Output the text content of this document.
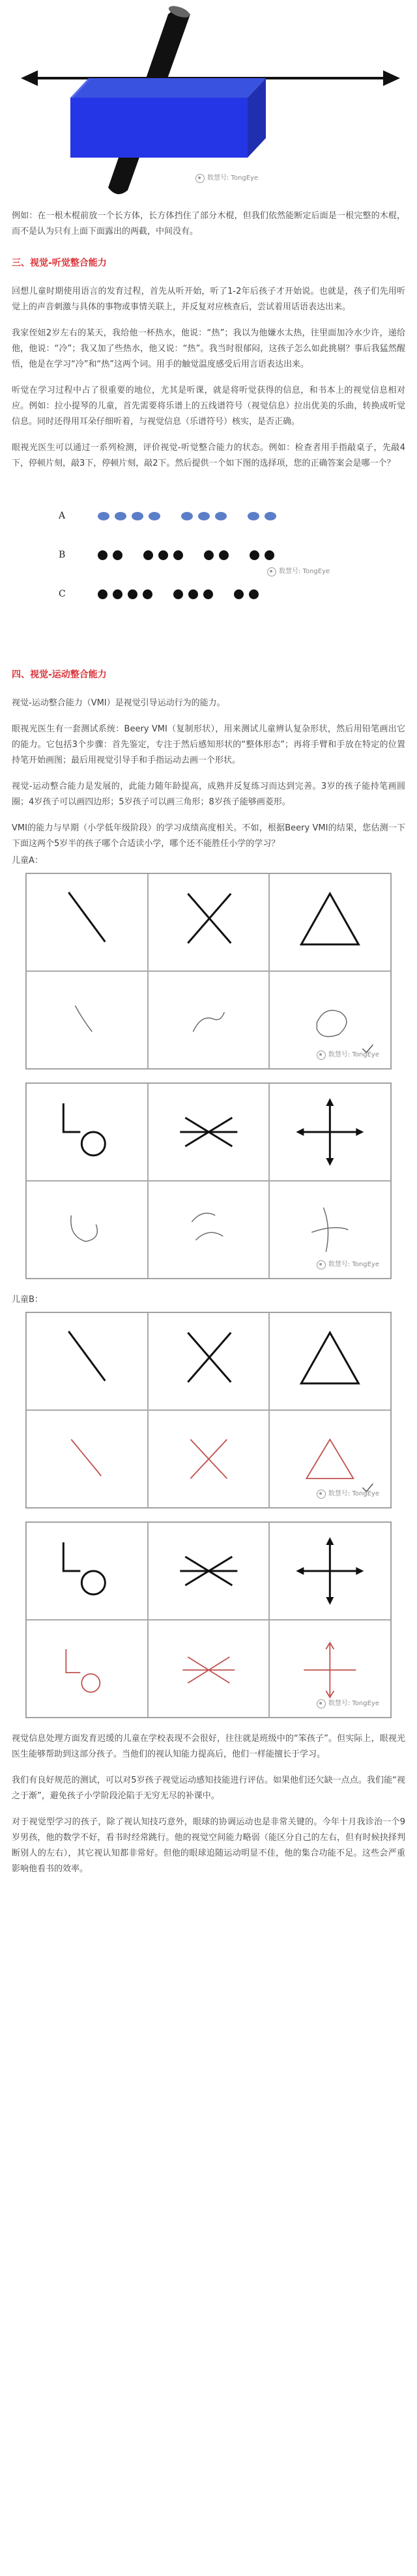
数慧号: TongEye

例如：在一根木棍前放一个长方体，长方体挡住了部分木棍，但我们依然能断定后面是一根完整的木棍，而不是认为只有上面下面露出的两截，中间没有。

三、视觉-听觉整合能力

回想儿童时期使用语言的发育过程，首先从听开始，听了1-2年后孩子才开始说。也就是，孩子们先用听觉上的声音刺激与具体的事物或事情关联上，并反复对应核查后，尝试着用话语表达出来。

我家侄妞2岁左右的某天，我给他一杯热水，他说：“热”；我以为他嫌水太热，往里面加冷水少许，递给他，他说：“冷”；我又加了些热水，他又说：“热”。我当时很郁闷，这孩子怎么如此挑剔？事后我猛然醒悟，他是在学习“冷”和“热”这两个词。用手的触觉温度感受后用言语表达出来。

听觉在学习过程中占了很重要的地位，尤其是听课，就是将听觉获得的信息，和书本上的视觉信息相对应。例如：拉小提琴的儿童，首先需要将乐谱上的五线谱符号（视觉信息）拉出优美的乐曲，转换成听觉信息。同时还得用耳朵仔细听着，与视觉信息（乐谱符号）核实，是否正确。

眼视光医生可以通过一系列检测，评价视觉-听觉整合能力的状态。例如：检查者用手指敲桌子，先敲4下，停顿片刻，敲3下，停顿片刻，敲2下。然后提供一个如下图的选择项，您的正确答案会是哪一个？

A
B
C
数慧号: TongEye
四、视觉-运动整合能力

视觉-运动整合能力（VMI）是视觉引导运动行为的能力。

眼视光医生有一套测试系统：Beery VMI（复制形状），用来测试儿童辨认复杂形状，然后用铅笔画出它的能力。它包括3个步骤：首先鉴定，专注于然后感知形状的“整体形态”；再将手臂和手放在特定的位置持笔开始画图；最后用视觉引导手和手指运动去画一个形状。

视觉-运动整合能力是发展的，此能力随年龄提高，成熟并反复练习而达到完善。3岁的孩子能持笔画圆圈；4岁孩子可以画四边形；5岁孩子可以画三角形；8岁孩子能够画菱形。

VMI的能力与早期（小学低年级阶段）的学习成绩高度相关。不如，根据Beery VMI的结果，您估测一下下面这两个5岁半的孩子哪个合适读小学，哪个还不能胜任小学的学习？

儿童A：
数慧号: TongEye
数慧号: TongEye
儿童B：
数慧号: TongEye
数慧号: TongEye

视觉信息处理方面发育迟缓的儿童在学校表现不会很好，往往就是班级中的“笨孩子”。但实际上，眼视光医生能够帮助到这部分孩子。当他们的视认知能力提高后，他们一样能擅长于学习。

我们有良好规范的测试，可以对5岁孩子视觉运动感知技能进行评估。如果他们还欠缺一点点。我们能“视之于渐”，避免孩子小学阶段沦陷于无穷无尽的补课中。

对于视觉型学习的孩子，除了视认知技巧意外，眼球的协调运动也是非常关键的。今年十月我诊治一个9岁男孩，他的数学不好，看书时经常跳行。他的视觉空间能力略弱（能区分自己的左右，但有时候抉择判断别人的左右），其它视认知都非常好。但他的眼球追随运动明显不佳，他的集合功能不足。这些会严重影响他看书的效率。
